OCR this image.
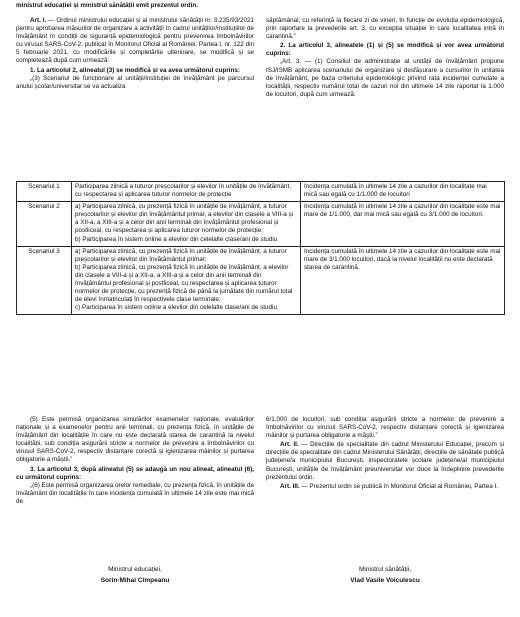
ministrul educației și ministrul sănătății emit prezentul ordin.

Art. I. — Ordinul ministrului educației și al ministrului sănătății nr. 3.235/93/2021 pentru aprobarea măsurilor de organizare a activității în cadrul unităților/instituțiilor de învățământ în condiții de siguranță epidemiologică pentru prevenirea îmbolnăvirilor cu virusul SARS-CoV-2, publicat în Monitorul Oficial al României, Partea I, nr. 122 din 5 februarie 2021, cu modificările și completările ulterioare, se modifică și se completează după cum urmează:

1. La articolul 2, alineatul (3) se modifică și va avea următorul cuprins:

„(3) Scenariul de funcționare al unității/instituției de învățământ pe parcursul anului școlar/universitar se va actualiza

săptămânal, cu referință la fiecare zi de vineri, în funcție de evoluția epidemiologică, prin raportare la prevederile art. 3, cu excepția situației în care localitatea intră în carantină.”

2. La articolul 3, alineatele (1) și (5) se modifică și vor avea următorul cuprins:

„Art. 3. — (1) Consiliul de administrație al unității de învățământ propune ISJ/ISMB aplicarea scenariului de organizare și desfășurare a cursurilor în unitatea de învățământ, pe baza criteriului epidemiologic privind rata incidenței cumulate a localității, respectiv numărul total de cazuri noi din ultimele 14 zile raportat la 1.000 de locuitori, după cum urmează:

Scenariul 1	Participarea zilnică a tuturor preșcolarilor și elevilor în unitățile de învățământ, cu respectarea și aplicarea tuturor normelor de protecție	Incidența cumulată în ultimele 14 zile a cazurilor din localitate mai mică sau egală cu 1/1.000 de locuitori
Scenariul 2	a) Participarea zilnică, cu prezență fizică în unitățile de învățământ, a tuturor preșcolarilor și elevilor din învățământul primar, a elevilor din clasele a VIII-a și a XII-a, a XIII-a și a celor din anii terminali din învățământul profesional și postliceal, cu respectarea și aplicarea tuturor normelor de protecție;
b) Participarea în sistem online a elevilor din celelalte clase/ani de studiu	Incidența cumulată în ultimele 14 zile a cazurilor din localitate este mai mare de 1/1.000, dar mai mică sau egală cu 3/1.000 de locuitori.
Scenariul 3	a) Participarea zilnică, cu prezență fizică în unitățile de învățământ, a tuturor preșcolarilor și elevilor din învățământul primar;
b) Participarea zilnică, cu prezență fizică în unitățile de învățământ, a elevilor din clasele a VIII-a și a XII-a, a XIII-a și a celor din anii terminali din învățământul profesional și postliceal, cu respectarea și aplicarea tuturor normelor de protecție, cu prezență fizică de până la jumătate din numărul total de elevi înmatriculați în respectivele clase terminale;
c) Participarea în sistem online a elevilor din celelalte clase/ani de studiu	Incidența cumulată în ultimele 14 zile a cazurilor din localitate este mai mare de 3/1.000 locuitori, dacă la nivelul localității nu este declarată starea de carantină.

(5) Este permisă organizarea simulărilor examenelor naționale, evaluărilor naționale și a examenelor pentru anii terminali, cu prezența fizică, în unitățile de învățământ din localitățile în care nu este declarată starea de carantină la nivelul localității, sub condiția asigurării stricte a normelor de prevenire a îmbolnăvirilor cu virusul SARS-CoV-2, respectiv distanțare corectă și igienizarea mâinilor și purtarea obligatorie a măștii.”

3. La articolul 3, după alineatul (5) se adaugă un nou alineat, alineatul (6), cu următorul cuprins:

„(6) Este permisă organizarea orelor remediale, cu prezența fizică, în unitățile de învățământ din localitățile în care incidența cumulată în ultimele 14 zile este mai mică de

6/1.000 de locuitori, sub condiția asigurării stricte a normelor de prevenire a îmbolnăvirilor cu virusul SARS-CoV-2, respectiv distanțare corectă și igienizarea mâinilor și purtarea obligatorie a măștii.”

Art. II. — Direcțiile de specialitate din cadrul Ministerului Educației, precum și direcțiile de specialitate din cadrul Ministerului Sănătății, direcțiile de sănătate publică județene/a municipiului București, inspectoratele școlare județene/al municipiului București, unitățile de învățământ preuniversitar vor duce la îndeplinire prevederile prezentului ordin.

Art. III. — Prezentul ordin se publică în Monitorul Oficial al României, Partea I.

Ministrul educației,
Sorin-Mihai Cîmpeanu
Ministrul sănătății,
Vlad Vasile Voiculescu
